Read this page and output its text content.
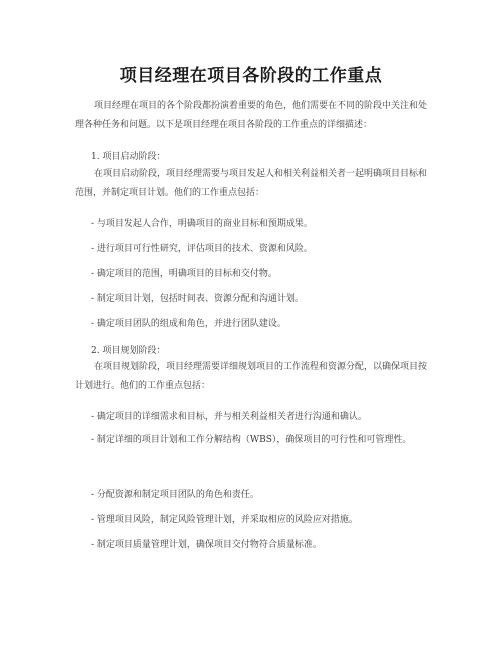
项目经理在项目各阶段的工作重点

项目经理在项目的各个阶段都扮演着重要的角色，他们需要在不同的阶段中关注和处理各种任务和问题。以下是项目经理在项目各阶段的工作重点的详细描述：

1. 项目启动阶段：

在项目启动阶段，项目经理需要与项目发起人和相关利益相关者一起明确项目目标和范围，并制定项目计划。他们的工作重点包括：

- 与项目发起人合作，明确项目的商业目标和预期成果。
- 进行项目可行性研究，评估项目的技术、资源和风险。
- 确定项目的范围，明确项目的目标和交付物。
- 制定项目计划，包括时间表、资源分配和沟通计划。
- 确定项目团队的组成和角色，并进行团队建设。
2. 项目规划阶段：

在项目规划阶段，项目经理需要详细规划项目的工作流程和资源分配，以确保项目按计划进行。他们的工作重点包括：

- 确定项目的详细需求和目标，并与相关利益相关者进行沟通和确认。

- 制定详细的项目计划和工作分解结构（WBS），确保项目的可行性和可管理性。

- 分配资源和制定项目团队的角色和责任。
- 管理项目风险，制定风险管理计划，并采取相应的风险应对措施。
- 制定项目质量管理计划，确保项目交付物符合质量标准。
